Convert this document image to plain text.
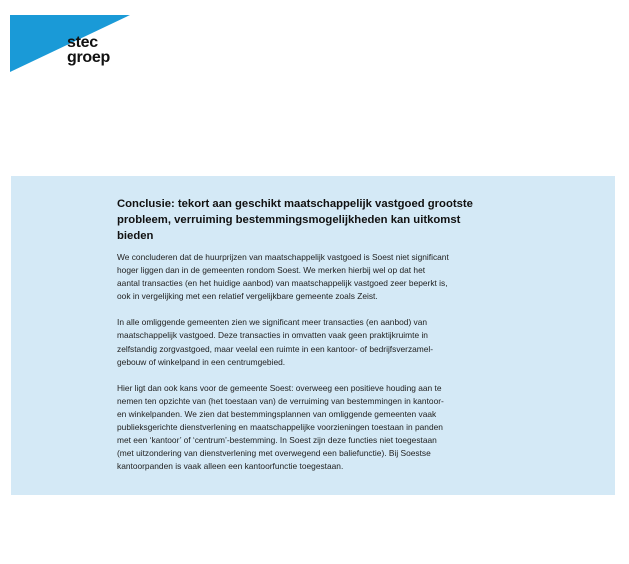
stec
groep
Conclusie: tekort aan geschikt maatschappelijk vastgoed grootste
probleem, verruiming bestemmingsmogelijkheden kan uitkomst
bieden

We concluderen dat de huurprijzen van maatschappelijk vastgoed is Soest niet significant
hoger liggen dan in de gemeenten rondom Soest. We merken hierbij wel op dat het
aantal transacties (en het huidige aanbod) van maatschappelijk vastgoed zeer beperkt is,
ook in vergelijking met een relatief vergelijkbare gemeente zoals Zeist.

In alle omliggende gemeenten zien we significant meer transacties (en aanbod) van
maatschappelijk vastgoed. Deze transacties in omvatten vaak geen praktijkruimte in
zelfstandig zorgvastgoed, maar veelal een ruimte in een kantoor- of bedrijfsverzamel-
gebouw of winkelpand in een centrumgebied.

Hier ligt dan ook kans voor de gemeente Soest: overweeg een positieve houding aan te
nemen ten opzichte van (het toestaan van) de verruiming van bestemmingen in kantoor-
en winkelpanden. We zien dat bestemmingsplannen van omliggende gemeenten vaak
publieksgerichte dienstverlening en maatschappelijke voorzieningen toestaan in panden
met een ‘kantoor’ of ‘centrum’-bestemming. In Soest zijn deze functies niet toegestaan
(met uitzondering van dienstverlening met overwegend een baliefunctie). Bij Soestse
kantoorpanden is vaak alleen een kantoorfunctie toegestaan.
